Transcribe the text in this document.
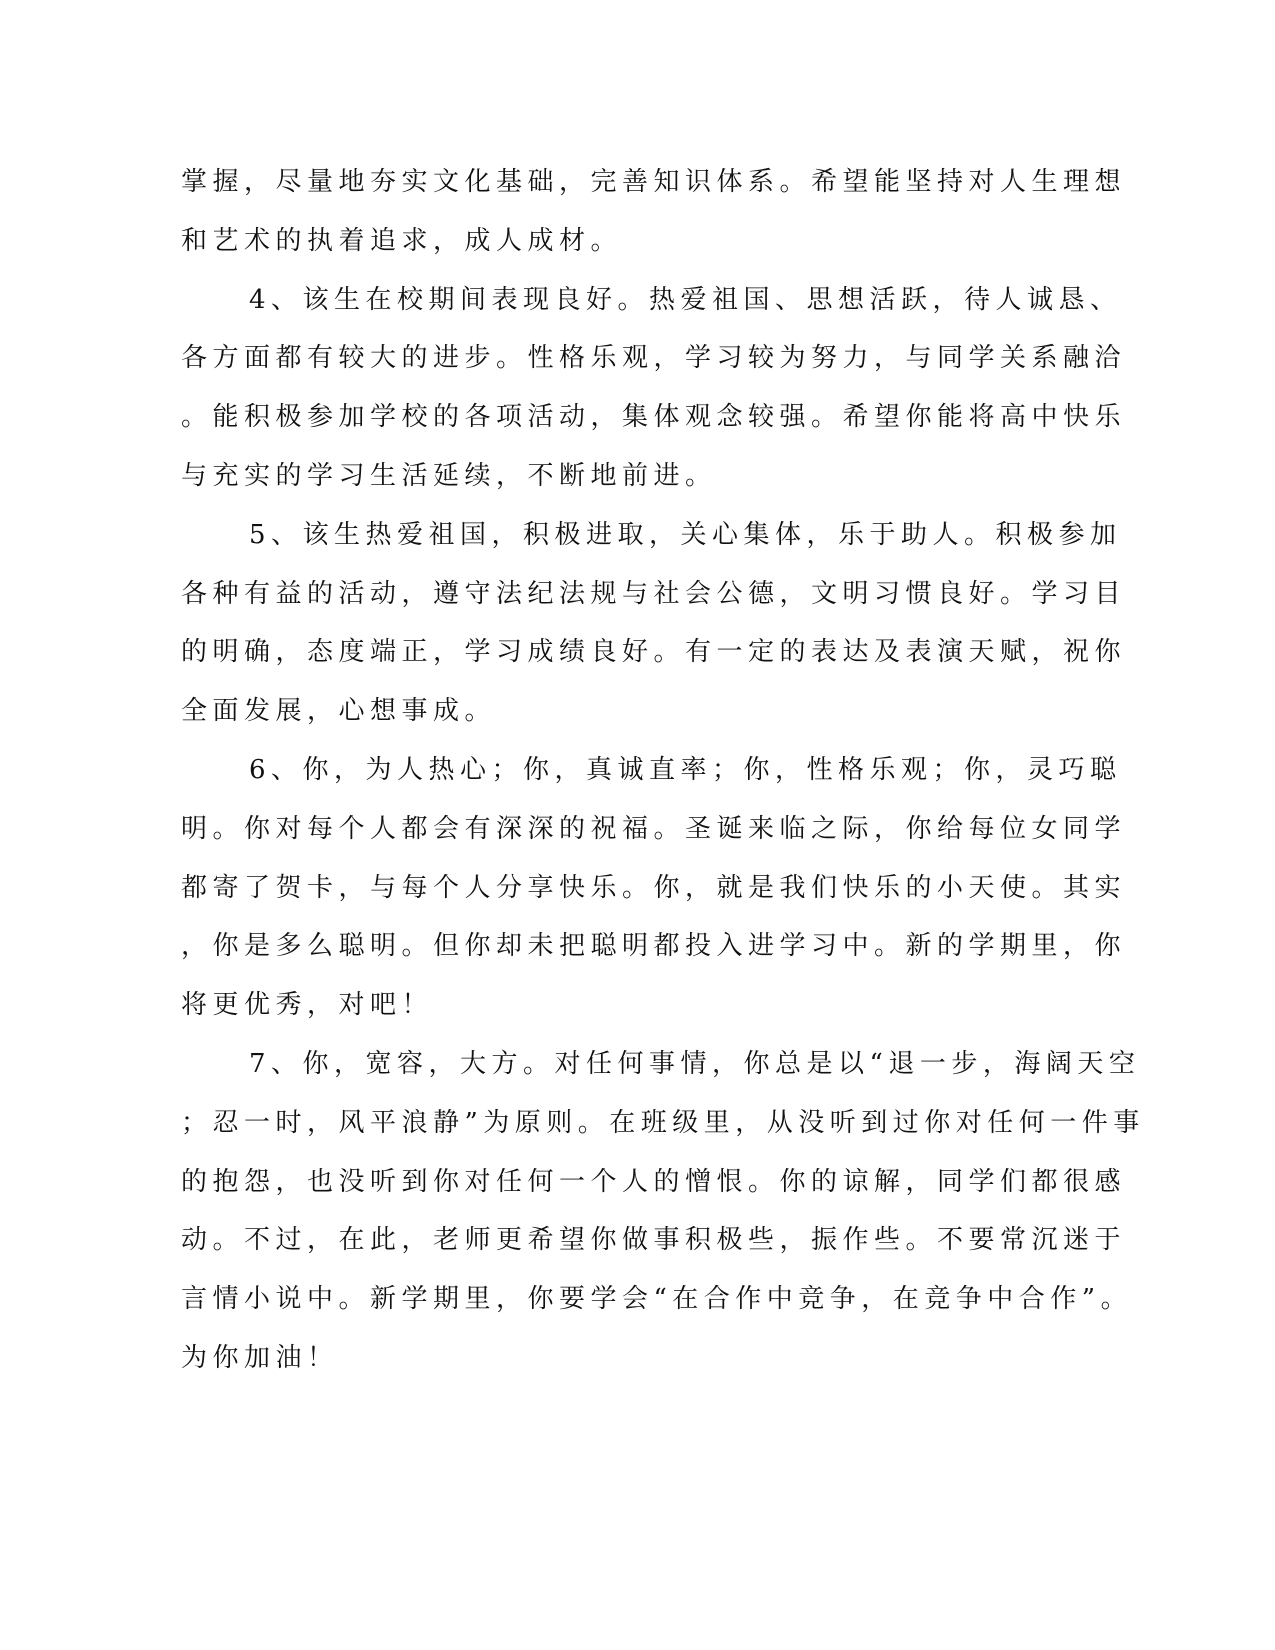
掌握，尽量地夯实文化基础，完善知识体系。希望能坚持对人生理想
和艺术的执着追求，成人成材。
4、该生在校期间表现良好。热爱祖国、思想活跃，待人诚恳、
各方面都有较大的进步。性格乐观，学习较为努力，与同学关系融洽
。能积极参加学校的各项活动，集体观念较强。希望你能将高中快乐
与充实的学习生活延续，不断地前进。
5、该生热爱祖国，积极进取，关心集体，乐于助人。积极参加
各种有益的活动，遵守法纪法规与社会公德，文明习惯良好。学习目
的明确，态度端正，学习成绩良好。有一定的表达及表演天赋，祝你
全面发展，心想事成。
6、你，为人热心；你，真诚直率；你，性格乐观；你，灵巧聪
明。你对每个人都会有深深的祝福。圣诞来临之际，你给每位女同学
都寄了贺卡，与每个人分享快乐。你，就是我们快乐的小天使。其实
，你是多么聪明。但你却未把聪明都投入进学习中。新的学期里，你
将更优秀，对吧！
7、你，宽容，大方。对任何事情，你总是以“退一步，海阔天空
；忍一时，风平浪静”为原则。在班级里，从没听到过你对任何一件事
的抱怨，也没听到你对任何一个人的憎恨。你的谅解，同学们都很感
动。不过，在此，老师更希望你做事积极些，振作些。不要常沉迷于
言情小说中。新学期里，你要学会“在合作中竞争，在竞争中合作”。
为你加油！
